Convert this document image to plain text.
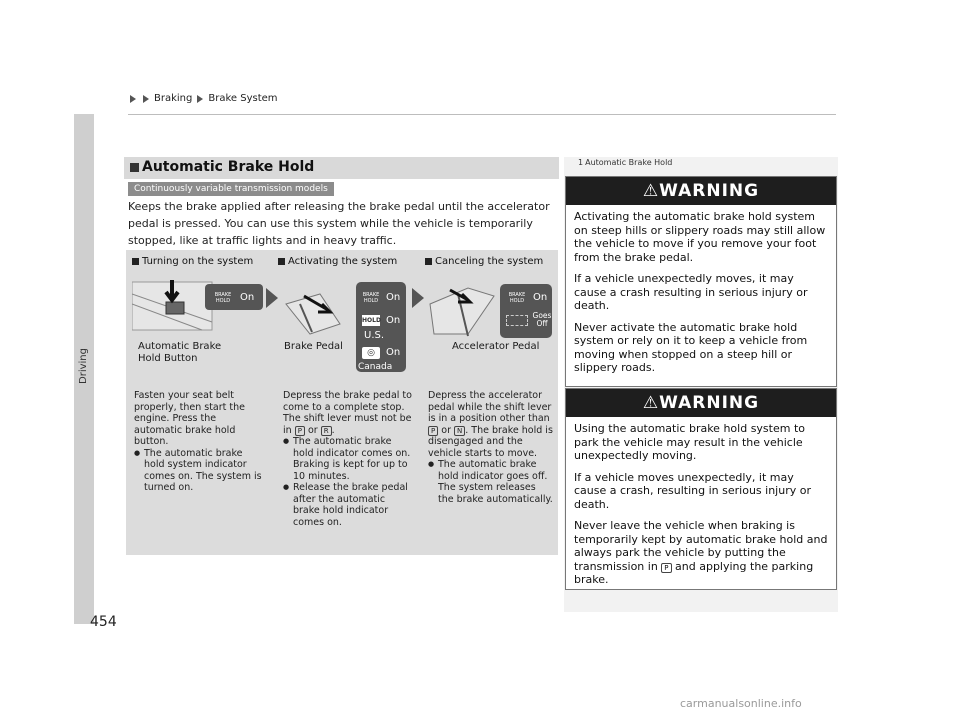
Braking Brake System
Driving
454
Automatic Brake Hold
Continuously variable transmission models
Keeps the brake applied after releasing the brake pedal until the accelerator pedal is pressed. You can use this system while the vehicle is temporarily stopped, like at traffic lights and in heavy traffic.
Turning on the system	Activating the system	Canceling the system
BRAKE HOLD On
Automatic Brake Hold Button
BRAKE HOLD On
HOLD On
U.S.
◎	On
Canada
Brake Pedal
BRAKE HOLD On
Goes Off
Accelerator Pedal
Fasten your seat belt properly, then start the engine. Press the automatic brake hold button.
● The automatic brake hold system indicator comes on. The system is turned on.
Depress the brake pedal to come to a complete stop. The shift lever must not be in P or R .
● The automatic brake hold indicator comes on. Braking is kept for up to 10 minutes.
● Release the brake pedal after the automatic brake hold indicator comes on.
Depress the accelerator pedal while the shift lever is in a position other than P or N . The brake hold is disengaged and the vehicle starts to move.
● The automatic brake hold indicator goes off. The system releases the brake automatically.
1 Automatic Brake Hold
⚠WARNING

Activating the automatic brake hold system on steep hills or slippery roads may still allow the vehicle to move if you remove your foot from the brake pedal.

If a vehicle unexpectedly moves, it may cause a crash resulting in serious injury or death.

Never activate the automatic brake hold system or rely on it to keep a vehicle from moving when stopped on a steep hill or slippery roads.

⚠WARNING

Using the automatic brake hold system to park the vehicle may result in the vehicle unexpectedly moving.

If a vehicle moves unexpectedly, it may cause a crash, resulting in serious injury or death.

Never leave the vehicle when braking is temporarily kept by automatic brake hold and always park the vehicle by putting the transmission in P and applying the parking brake.

carmanualsonline.info
